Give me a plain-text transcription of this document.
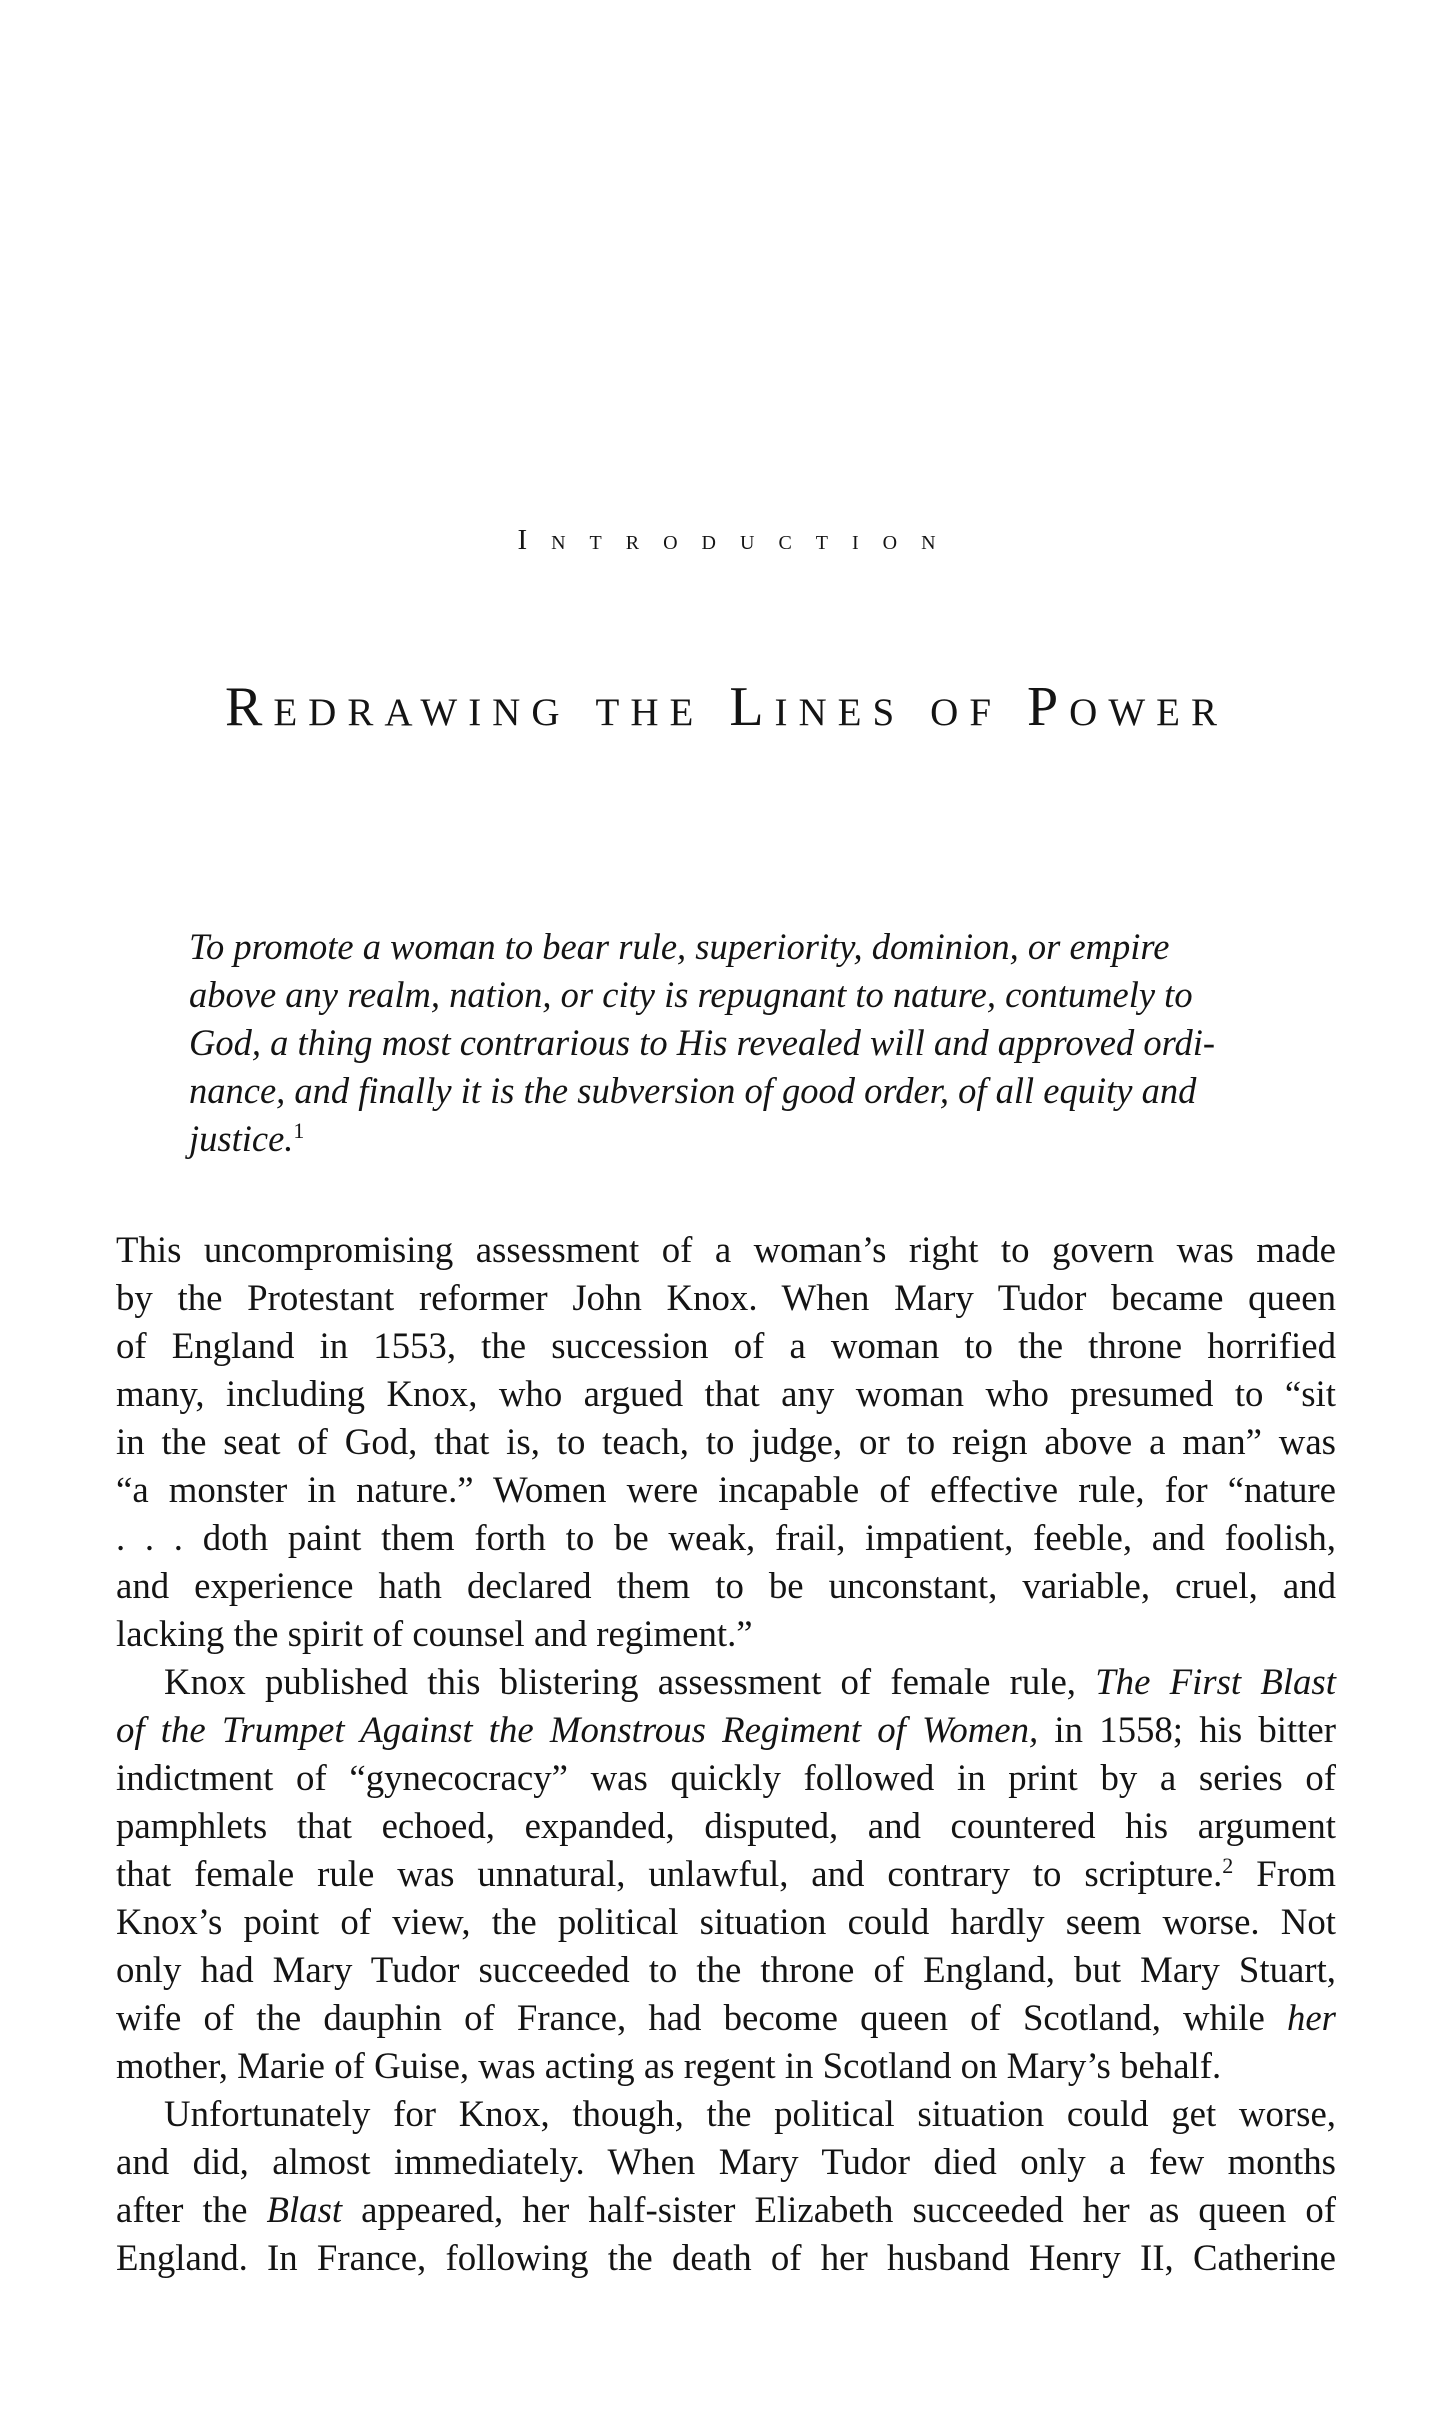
Introduction
Redrawing the Lines of Power
To promote a woman to bear rule, superiority, dominion, or empire
above any realm, nation, or city is repugnant to nature, contumely to
God, a thing most contrarious to His revealed will and approved ordi-
nance, and finally it is the subversion of good order, of all equity and
justice.$^1$
This uncompromising assessment of a woman’s right to govern was made
by the Protestant reformer John Knox. When Mary Tudor became queen
of England in 1553, the succession of a woman to the throne horrified
many, including Knox, who argued that any woman who presumed to “sit
in the seat of God, that is, to teach, to judge, or to reign above a man” was
“a monster in nature.” Women were incapable of effective rule, for “nature
. . . doth paint them forth to be weak, frail, impatient, feeble, and foolish,
and experience hath declared them to be unconstant, variable, cruel, and
lacking the spirit of counsel and regiment.”
Knox published this blistering assessment of female rule, The First Blast
of the Trumpet Against the Monstrous Regiment of Women, in 1558; his bitter
indictment of “gynecocracy” was quickly followed in print by a series of
pamphlets that echoed, expanded, disputed, and countered his argument
that female rule was unnatural, unlawful, and contrary to scripture.$^2$ From
Knox’s point of view, the political situation could hardly seem worse. Not
only had Mary Tudor succeeded to the throne of England, but Mary Stuart,
wife of the dauphin of France, had become queen of Scotland, while her
mother, Marie of Guise, was acting as regent in Scotland on Mary’s behalf.
Unfortunately for Knox, though, the political situation could get worse,
and did, almost immediately. When Mary Tudor died only a few months
after the Blast appeared, her half-sister Elizabeth succeeded her as queen of
England. In France, following the death of her husband Henry II, Catherine
